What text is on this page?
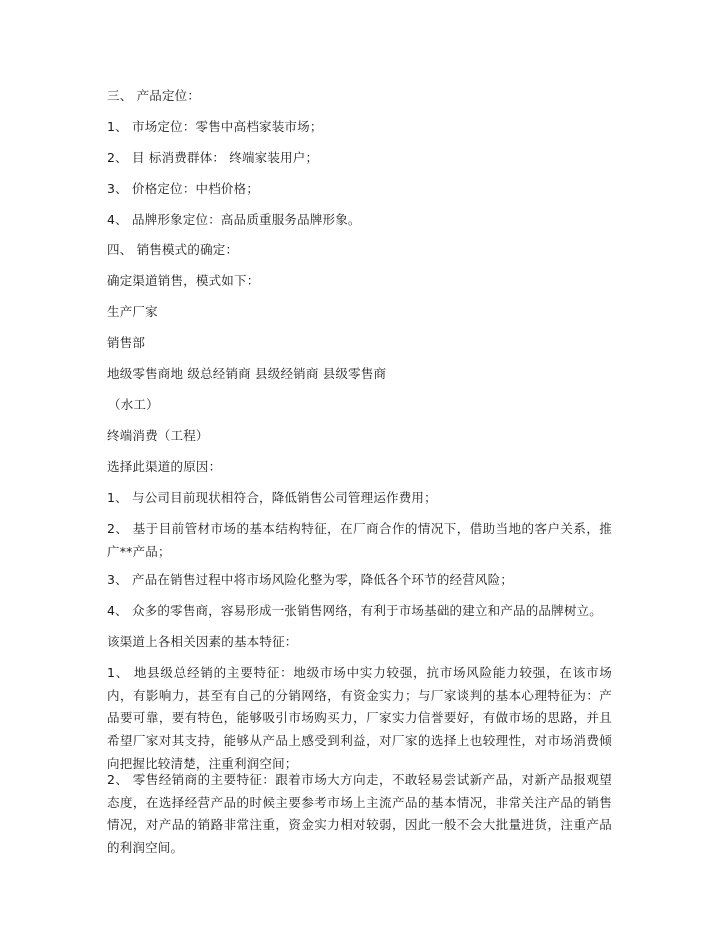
三、 产品定位：
1、 市场定位：零售中高档家装市场；
2、 目 标消费群体： 终端家装用户；
3、 价格定位：中档价格；
4、 品牌形象定位：高品质重服务品牌形象。
四、 销售模式的确定：
确定渠道销售，模式如下：
生产厂家
销售部
地级零售商地 级总经销商 县级经销商 县级零售商
（水工）
终端消费（工程）
选择此渠道的原因：
1、 与公司目前现状相符合，降低销售公司管理运作费用；

2、 基于目前管材市场的基本结构特征，在厂商合作的情况下，借助当地的客户关系，推广**产品；

3、 产品在销售过程中将市场风险化整为零，降低各个环节的经营风险；
4、 众多的零售商，容易形成一张销售网络，有利于市场基础的建立和产品的品牌树立。
该渠道上各相关因素的基本特征：

1、 地县级总经销的主要特征：地级市场中实力较强，抗市场风险能力较强，在该市场内，有影响力，甚至有自己的分销网络，有资金实力；与厂家谈判的基本心理特征为：产品要可靠，要有特色，能够吸引市场购买力，厂家实力信誉要好，有做市场的思路，并且希望厂家对其支持，能够从产品上感受到利益，对厂家的选择上也较理性，对市场消费倾向把握比较清楚，注重利润空间；

2、 零售经销商的主要特征：跟着市场大方向走，不敢轻易尝试新产品，对新产品报观望态度，在选择经营产品的时候主要参考市场上主流产品的基本情况，非常关注产品的销售情况，对产品的销路非常注重，资金实力相对较弱，因此一般不会大批量进货，注重产品的利润空间。
